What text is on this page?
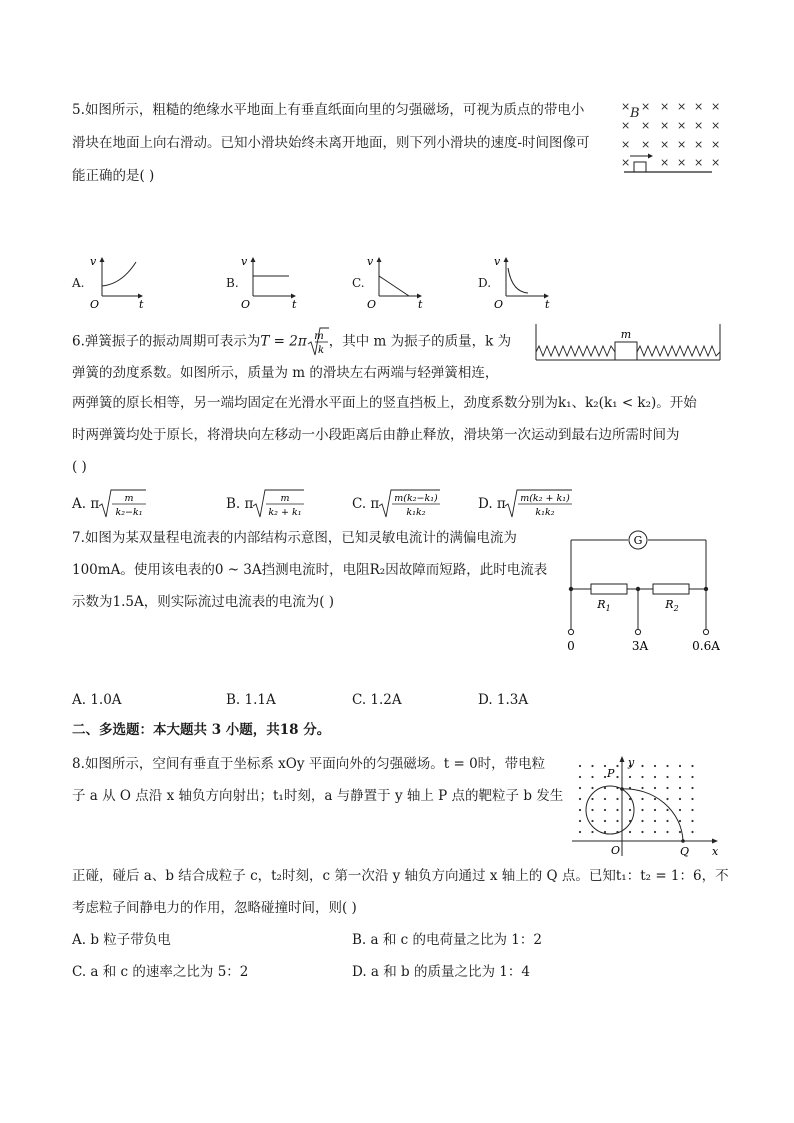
5.如图所示，粗糙的绝缘水平地面上有垂直纸面向里的匀强磁场，可视为质点的带电小
滑块在地面上向右滑动。已知小滑块始终未离开地面，则下列小滑块的速度-时间图像可
能正确的是( )
× B × × × × ×
× × × × × ×
× × × × × ×
×	× × × ×
A.
v
O	t
B.
v
O	t
C.
v
O	t
D.
v
O	t
6.弹簧振子的振动周期可表示为T = 2π m
k
，其中 m 为振子的质量，k 为
弹簧的劲度系数。如图所示，质量为 m 的滑块左右两端与轻弹簧相连，
两弹簧的原长相等，另一端均固定在光滑水平面上的竖直挡板上，劲度系数分别为k₁、k₂(k₁ < k₂)。开始
时两弹簧均处于原长，将滑块向左移动一小段距离后由静止释放，滑块第一次运动到最右边所需时间为
( )
m
A. π	m
k₂−k₁
B. π	m
k₂ + k₁
C. π m(k₂−k₁)
k₁k₂
D. π m(k₂ + k₁)
k₁k₂
7.如图为某双量程电流表的内部结构示意图，已知灵敏电流计的满偏电流为
100mA。使用该电表的0 ~ 3A挡测电流时，电阻R₂因故障而短路，此时电流表
示数为1.5A，则实际流过电流表的电流为( )
G
$R_1$	$R_2$
0	3A	0.6A
A. 1.0A	B. 1.1A	C. 1.2A	D. 1.3A
二、多选题：本大题共 3 小题，共18 分。
8.如图所示，空间有垂直于坐标系 xOy 平面向外的匀强磁场。t = 0时，带电粒
子 a 从 O 点沿 x 轴负方向射出；t₁时刻，a 与静置于 y 轴上 P 点的靶粒子 b 发生
正碰，碰后 a、b 结合成粒子 c，t₂时刻，c 第一次沿 y 轴负方向通过 x 轴上的 Q 点。已知t₁：t₂ = 1：6，不
考虑粒子间静电力的作用，忽略碰撞时间，则( )
y
x
P
O	Q
A. b 粒子带负电	B. a 和 c 的电荷量之比为 1：2
C. a 和 c 的速率之比为 5：2	D. a 和 b 的质量之比为 1：4
